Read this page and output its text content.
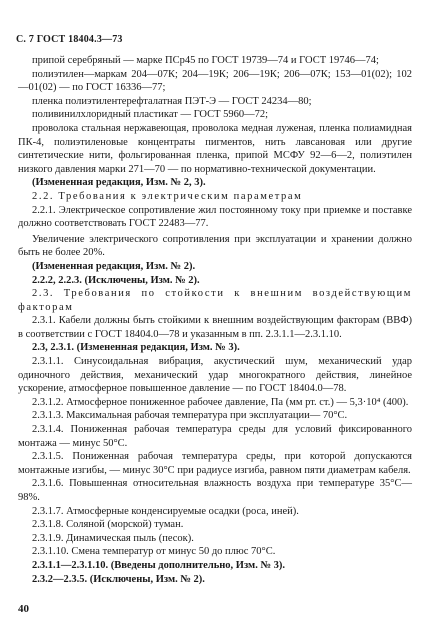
С. 7 ГОСТ 18404.3—73

припой серебряный — марке ПСр45 по ГОСТ 19739—74 и ГОСТ 19746—74;

полиэтилен—маркам 204—07К; 204—19К; 206—19К; 206—07К; 153—01(02); 102—01(02) — по ГОСТ 16336—77;

пленка полиэтилентерефталатная ПЭТ-Э — ГОСТ 24234—80;

поливинилхлоридный пластикат — ГОСТ 5960—72;

проволока стальная нержавеющая, проволока медная луженая, пленка полиамидная ПК-4, полиэтиленовые концентраты пигментов, нить лавсановая или другие синтетические нити, фольгированная пленка, припой МСФУ 92—6—2, полиэтилен низкого давления марки 271—70 — по нормативно-технической документации.

(Измененная редакция, Изм. № 2, 3).

2.2. Требования к электрическим параметрам

2.2.1. Электрическое сопротивление жил постоянному току при приемке и поставке должно соответствовать ГОСТ 22483—77.

Увеличение электрического сопротивления при эксплуатации и хранении должно быть не более 20%.

(Измененная редакция, Изм. № 2).

2.2.2, 2.2.3. (Исключены, Изм. № 2).

2.3. Требования по стойкости к внешним воздействующим факторам

2.3.1. Кабели должны быть стойкими к внешним воздействующим факторам (ВВФ) в соответствии с ГОСТ 18404.0—78 и указанным в пп. 2.3.1.1—2.3.1.10.

2.3, 2.3.1. (Измененная редакция, Изм. № 3).

2.3.1.1. Синусоидальная вибрация, акустический шум, механический удар одиночного действия, механический удар многократного действия, линейное ускорение, атмосферное повышенное давление — по ГОСТ 18404.0—78.

2.3.1.2. Атмосферное пониженное рабочее давление, Па (мм рт. ст.) — 5,3·10⁴ (400).

2.3.1.3. Максимальная рабочая температура при эксплуатации— 70°С.

2.3.1.4. Пониженная рабочая температура среды для условий фиксированного монтажа — минус 50°С.

2.3.1.5. Пониженная рабочая температура среды, при которой допускаются монтажные изгибы, — минус 30°С при радиусе изгиба, равном пяти диаметрам кабеля.

2.3.1.6. Повышенная относительная влажность воздуха при температуре 35°С—98%.

2.3.1.7. Атмосферные конденсируемые осадки (роса, иней).

2.3.1.8. Соляной (морской) туман.

2.3.1.9. Динамическая пыль (песок).

2.3.1.10. Смена температур от минус 50 до плюс 70°С.

2.3.1.1—2.3.1.10. (Введены дополнительно, Изм. № 3).

2.3.2—2.3.5. (Исключены, Изм. № 2).

40
